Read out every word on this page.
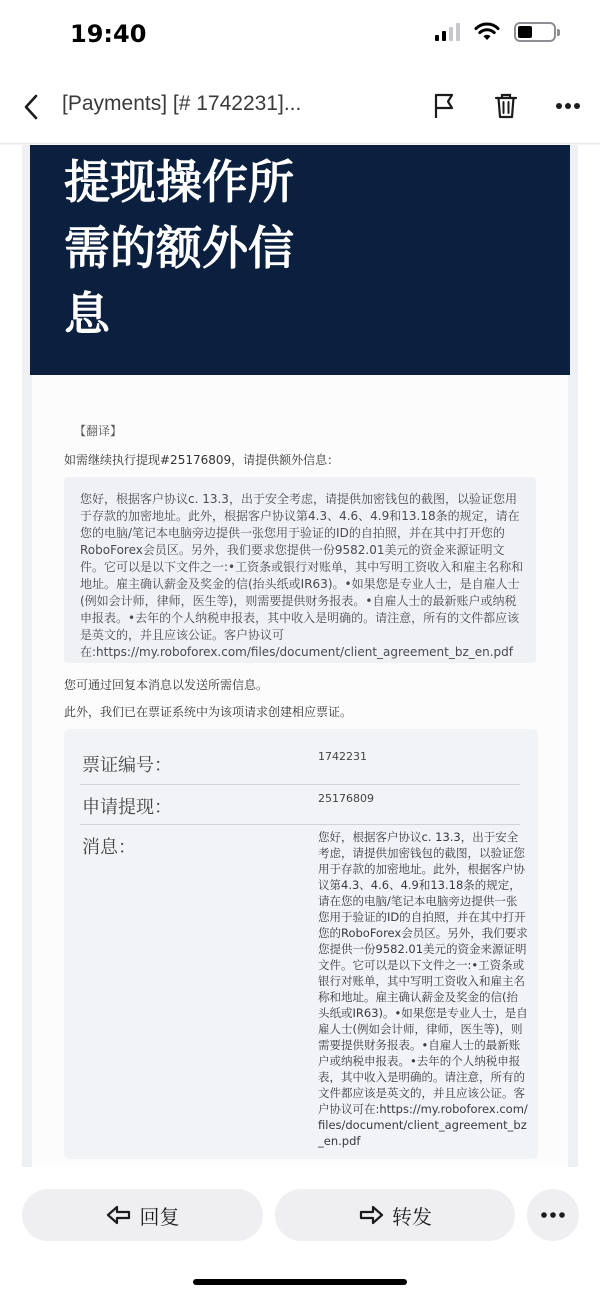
19:40
[Payments] [# 1742231]...
提现操作所需的额外信息
【翻译】
如需继续执行提现#25176809，请提供额外信息：
您好，根据客户协议c. 13.3，出于安全考虑，请提供加密钱包的截图，以验证您用于存款的加密地址。此外，根据客户协议第4.3、4.6、4.9和13.18条的规定，请在您的电脑/笔记本电脑旁边提供一张您用于验证的ID的自拍照，并在其中打开您的RoboForex会员区。另外，我们要求您提供一份9582.01美元的资金来源证明文件。它可以是以下文件之一:•工资条或银行对账单，其中写明工资收入和雇主名称和地址。雇主确认薪金及奖金的信(抬头纸或IR63)。•如果您是专业人士，是自雇人士(例如会计师，律师，医生等)，则需要提供财务报表。•自雇人士的最新账户或纳税申报表。•去年的个人纳税申报表，其中收入是明确的。请注意，所有的文件都应该是英文的，并且应该公证。客户协议可在:https://my.roboforex.com/files/document/client_agreement_bz_en.pdf
您可通过回复本消息以发送所需信息。
此外，我们已在票证系统中为该项请求创建相应票证。
票证编号：	1742231
申请提现：	25176809
消息：	您好，根据客户协议c. 13.3，出于安全考虑，请提供加密钱包的截图，以验证您用于存款的加密地址。此外，根据客户协议第4.3、4.6、4.9和13.18条的规定，请在您的电脑/笔记本电脑旁边提供一张您用于验证的ID的自拍照，并在其中打开您的RoboForex会员区。另外，我们要求您提供一份9582.01美元的资金来源证明文件。它可以是以下文件之一:•工资条或银行对账单，其中写明工资收入和雇主名称和地址。雇主确认薪金及奖金的信(抬头纸或IR63)。•如果您是专业人士，是自雇人士(例如会计师，律师，医生等)，则需要提供财务报表。•自雇人士的最新账户或纳税申报表。•去年的个人纳税申报表，其中收入是明确的。请注意，所有的文件都应该是英文的，并且应该公证。客户协议可在:https://my.roboforex.com/files/document/client_agreement_bz_en.pdf
回复	转发
